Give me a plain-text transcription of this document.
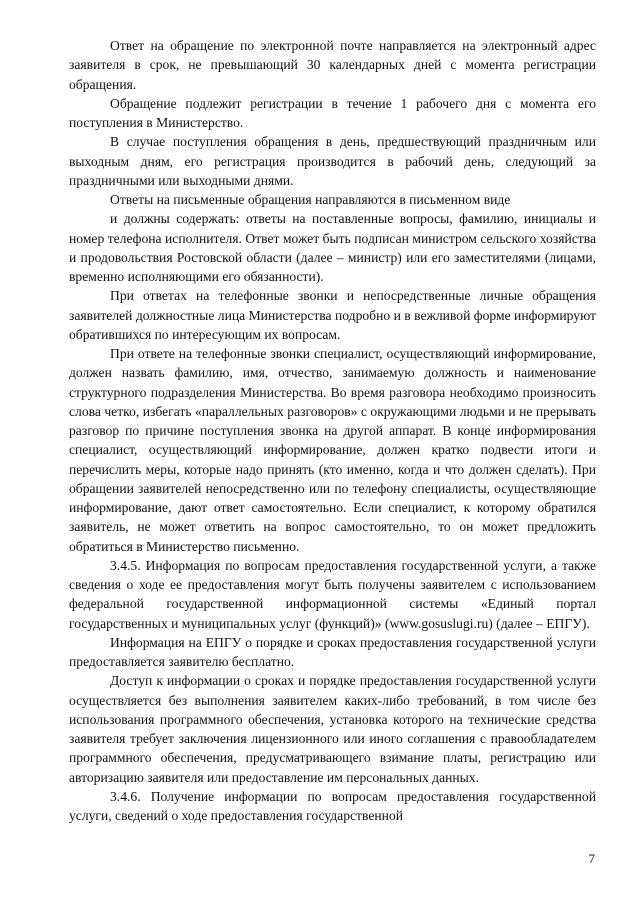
Ответ на обращение по электронной почте направляется на электронный адрес заявителя в срок, не превышающий 30 календарных дней с момента регистрации обращения.

Обращение подлежит регистрации в течение 1 рабочего дня с момента его поступления в Министерство.

В случае поступления обращения в день, предшествующий праздничным или выходным дням, его регистрация производится в рабочий день, следующий за праздничными или выходными днями.

Ответы на письменные обращения направляются в письменном виде

и должны содержать: ответы на поставленные вопросы, фамилию, инициалы и номер телефона исполнителя. Ответ может быть подписан министром сельского хозяйства и продовольствия Ростовской области (далее – министр) или его заместителями (лицами, временно исполняющими его обязанности).

При ответах на телефонные звонки и непосредственные личные обращения заявителей должностные лица Министерства подробно и в вежливой форме информируют обратившихся по интересующим их вопросам.

При ответе на телефонные звонки специалист, осуществляющий информирование, должен назвать фамилию, имя, отчество, занимаемую должность и наименование структурного подразделения Министерства. Во время разговора необходимо произносить слова четко, избегать «параллельных разговоров» с окружающими людьми и не прерывать разговор по причине поступления звонка на другой аппарат. В конце информирования специалист, осуществляющий информирование, должен кратко подвести итоги и перечислить меры, которые надо принять (кто именно, когда и что должен сделать). При обращении заявителей непосредственно или по телефону специалисты, осуществляющие информирование, дают ответ самостоятельно. Если специалист, к которому обратился заявитель, не может ответить на вопрос самостоятельно, то он может предложить обратиться в Министерство письменно.

3.4.5. Информация по вопросам предоставления государственной услуги, а также сведения о ходе ее предоставления могут быть получены заявителем с использованием федеральной государственной информационной системы «Единый портал государственных и муниципальных услуг (функций)» (www.gosuslugi.ru) (далее – ЕПГУ).

Информация на ЕПГУ о порядке и сроках предоставления государственной услуги предоставляется заявителю бесплатно.

Доступ к информации о сроках и порядке предоставления государственной услуги осуществляется без выполнения заявителем каких-либо требований, в том числе без использования программного обеспечения, установка которого на технические средства заявителя требует заключения лицензионного или иного соглашения с правообладателем программного обеспечения, предусматривающего взимание платы, регистрацию или авторизацию заявителя или предоставление им персональных данных.

3.4.6. Получение информации по вопросам предоставления государственной услуги, сведений о ходе предоставления государственной

7
